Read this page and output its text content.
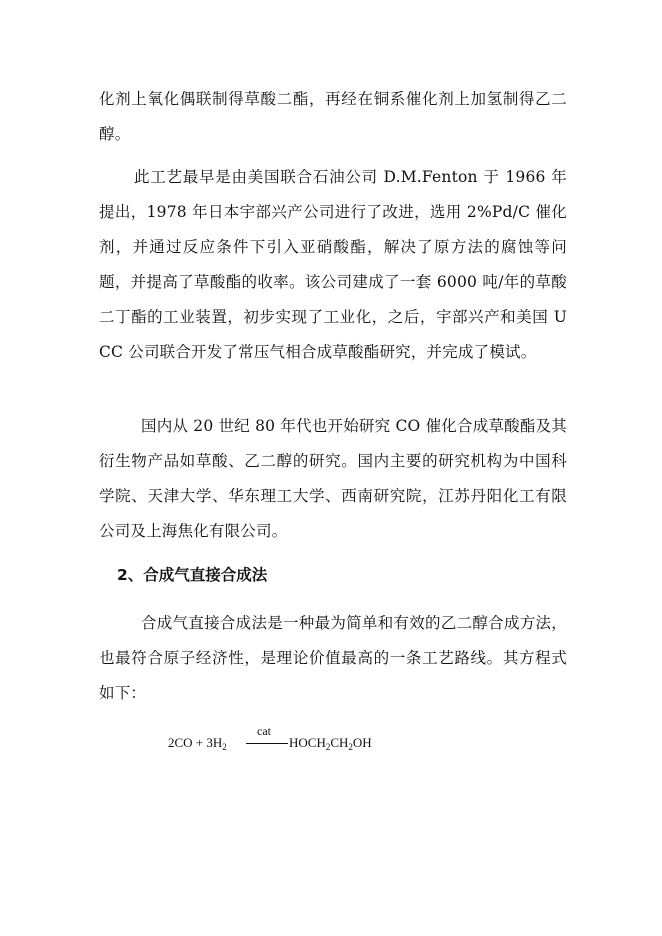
化剂上氧化偶联制得草酸二酯，再经在铜系催化剂上加氢制得乙二醇。

此工艺最早是由美国联合石油公司 D.M.Fenton 于 1966 年提出，1978 年日本宇部兴产公司进行了改进，选用 2%Pd/C 催化剂，并通过反应条件下引入亚硝酸酯，解决了原方法的腐蚀等问题，并提高了草酸酯的收率。该公司建成了一套 6000 吨/年的草酸二丁酯的工业装置，初步实现了工业化，之后，宇部兴产和美国 UCC 公司联合开发了常压气相合成草酸酯研究，并完成了模试。

国内从 20 世纪 80 年代也开始研究 CO 催化合成草酸酯及其衍生物产品如草酸、乙二醇的研究。国内主要的研究机构为中国科学院、天津大学、华东理工大学、西南研究院，江苏丹阳化工有限公司及上海焦化有限公司。

2、合成气直接合成法

合成气直接合成法是一种最为简单和有效的乙二醇合成方法，也最符合原子经济性，是理论价值最高的一条工艺路线。其方程式如下：

$2CO + 3H_2$
cat
$HOCH_2CH_2OH$
